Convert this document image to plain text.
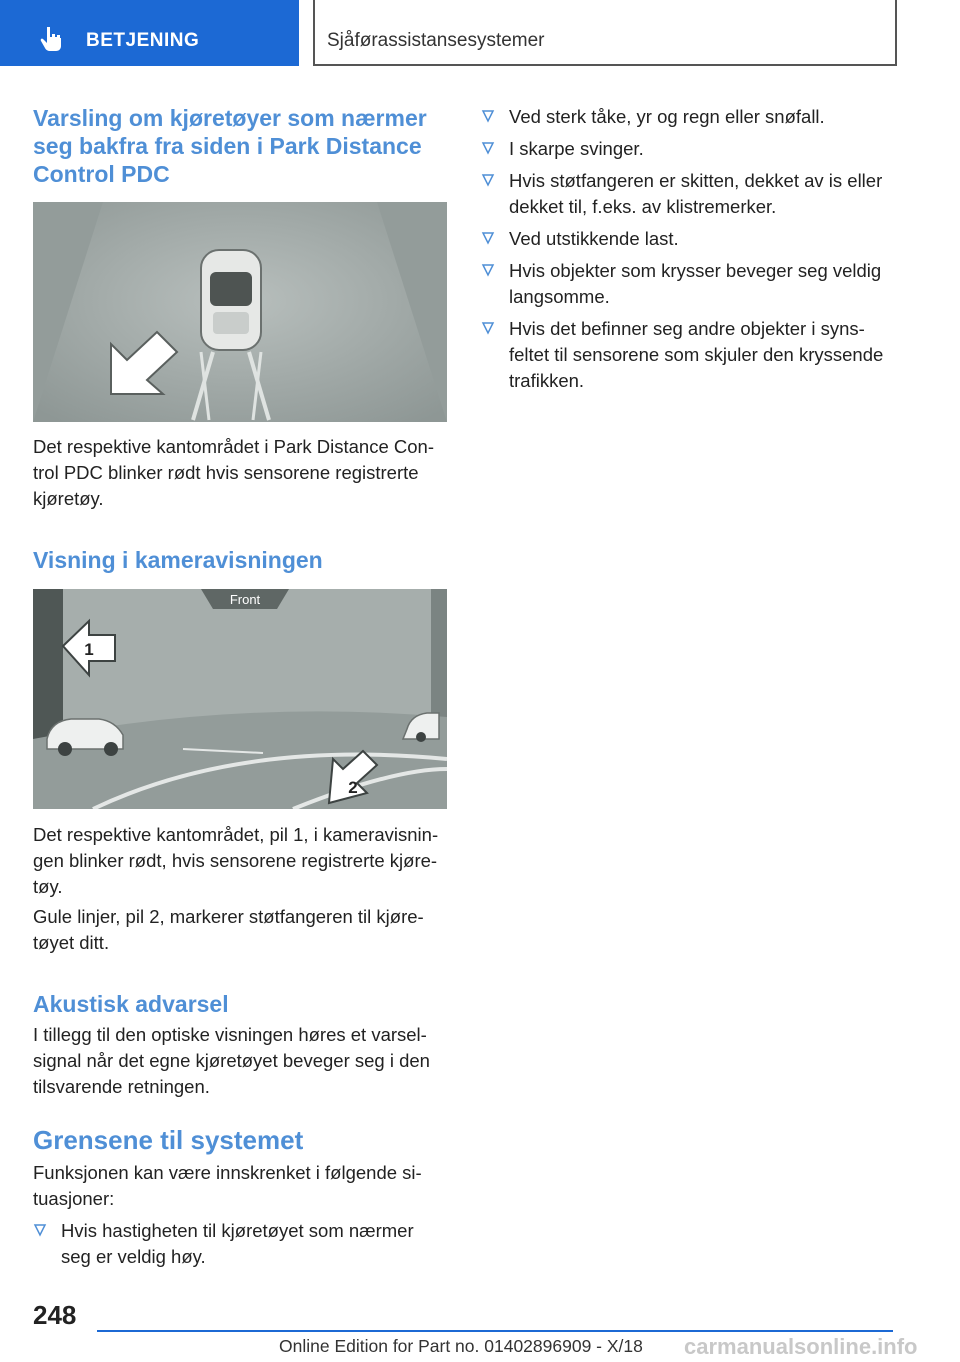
BETJENING	Sjåførassistansesystemer
Varsling om kjøretøyer som nærmer seg bakfra fra siden i Park Distance Control PDC

Det respektive kantområdet i Park Distance Con-trol PDC blinker rødt hvis sensorene registrerte kjøretøy.

Visning i kameravisningen
Front
1
2

Det respektive kantområdet, pil 1, i kameravisnin-gen blinker rødt, hvis sensorene registrerte kjøre-tøy.

Gule linjer, pil 2, markerer støtfangeren til kjøre-tøyet ditt.

Akustisk advarsel

I tillegg til den optiske visningen høres et varsel-signal når det egne kjøretøyet beveger seg i den tilsvarende retningen.

Grensene til systemet

Funksjonen kan være innskrenket i følgende si-tuasjoner:

Hvis hastigheten til kjøretøyet som nærmer seg er veldig høy.
Ved sterk tåke, yr og regn eller snøfall.
I skarpe svinger.
Hvis støtfangeren er skitten, dekket av is eller dekket til, f.eks. av klistremerker.
Ved utstikkende last.
Hvis objekter som krysser beveger seg veldig langsomme.
Hvis det befinner seg andre objekter i syns-feltet til sensorene som skjuler den kryssende trafikken.
248
Online Edition for Part no. 01402896909 - X/18 carmanualsonline.info
